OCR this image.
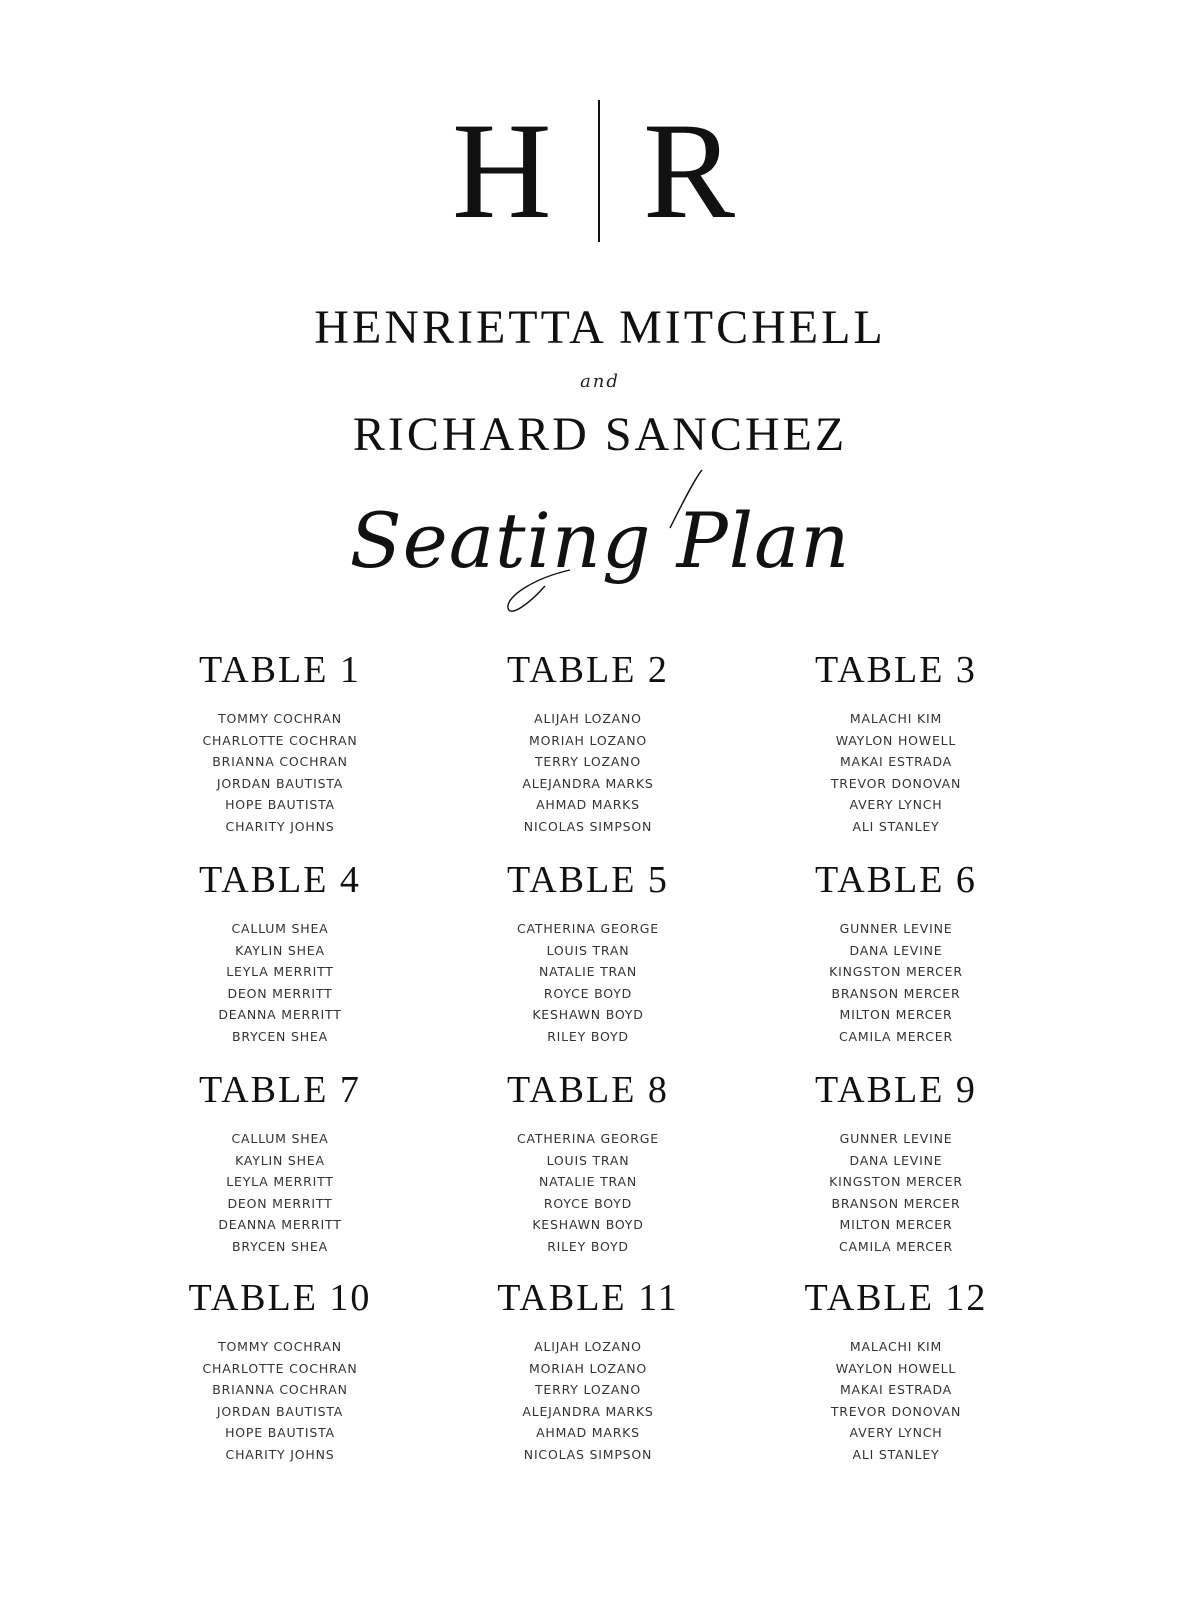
H R
HENRIETTA MITCHELL
and
RICHARD SANCHEZ
Seating Plan
TABLE 1
TOMMY COCHRAN
CHARLOTTE COCHRAN
BRIANNA COCHRAN
JORDAN BAUTISTA
HOPE BAUTISTA
CHARITY JOHNS
TABLE 2
ALIJAH LOZANO
MORIAH LOZANO
TERRY LOZANO
ALEJANDRA MARKS
AHMAD MARKS
NICOLAS SIMPSON
TABLE 3
MALACHI KIM
WAYLON HOWELL
MAKAI ESTRADA
TREVOR DONOVAN
AVERY LYNCH
ALI STANLEY
TABLE 4
CALLUM SHEA
KAYLIN SHEA
LEYLA MERRITT
DEON MERRITT
DEANNA MERRITT
BRYCEN SHEA
TABLE 5
CATHERINA GEORGE
LOUIS TRAN
NATALIE TRAN
ROYCE BOYD
KESHAWN BOYD
RILEY BOYD
TABLE 6
GUNNER LEVINE
DANA LEVINE
KINGSTON MERCER
BRANSON MERCER
MILTON MERCER
CAMILA MERCER
TABLE 7
CALLUM SHEA
KAYLIN SHEA
LEYLA MERRITT
DEON MERRITT
DEANNA MERRITT
BRYCEN SHEA
TABLE 8
CATHERINA GEORGE
LOUIS TRAN
NATALIE TRAN
ROYCE BOYD
KESHAWN BOYD
RILEY BOYD
TABLE 9
GUNNER LEVINE
DANA LEVINE
KINGSTON MERCER
BRANSON MERCER
MILTON MERCER
CAMILA MERCER
TABLE 10
TOMMY COCHRAN
CHARLOTTE COCHRAN
BRIANNA COCHRAN
JORDAN BAUTISTA
HOPE BAUTISTA
CHARITY JOHNS
TABLE 11
ALIJAH LOZANO
MORIAH LOZANO
TERRY LOZANO
ALEJANDRA MARKS
AHMAD MARKS
NICOLAS SIMPSON
TABLE 12
MALACHI KIM
WAYLON HOWELL
MAKAI ESTRADA
TREVOR DONOVAN
AVERY LYNCH
ALI STANLEY
